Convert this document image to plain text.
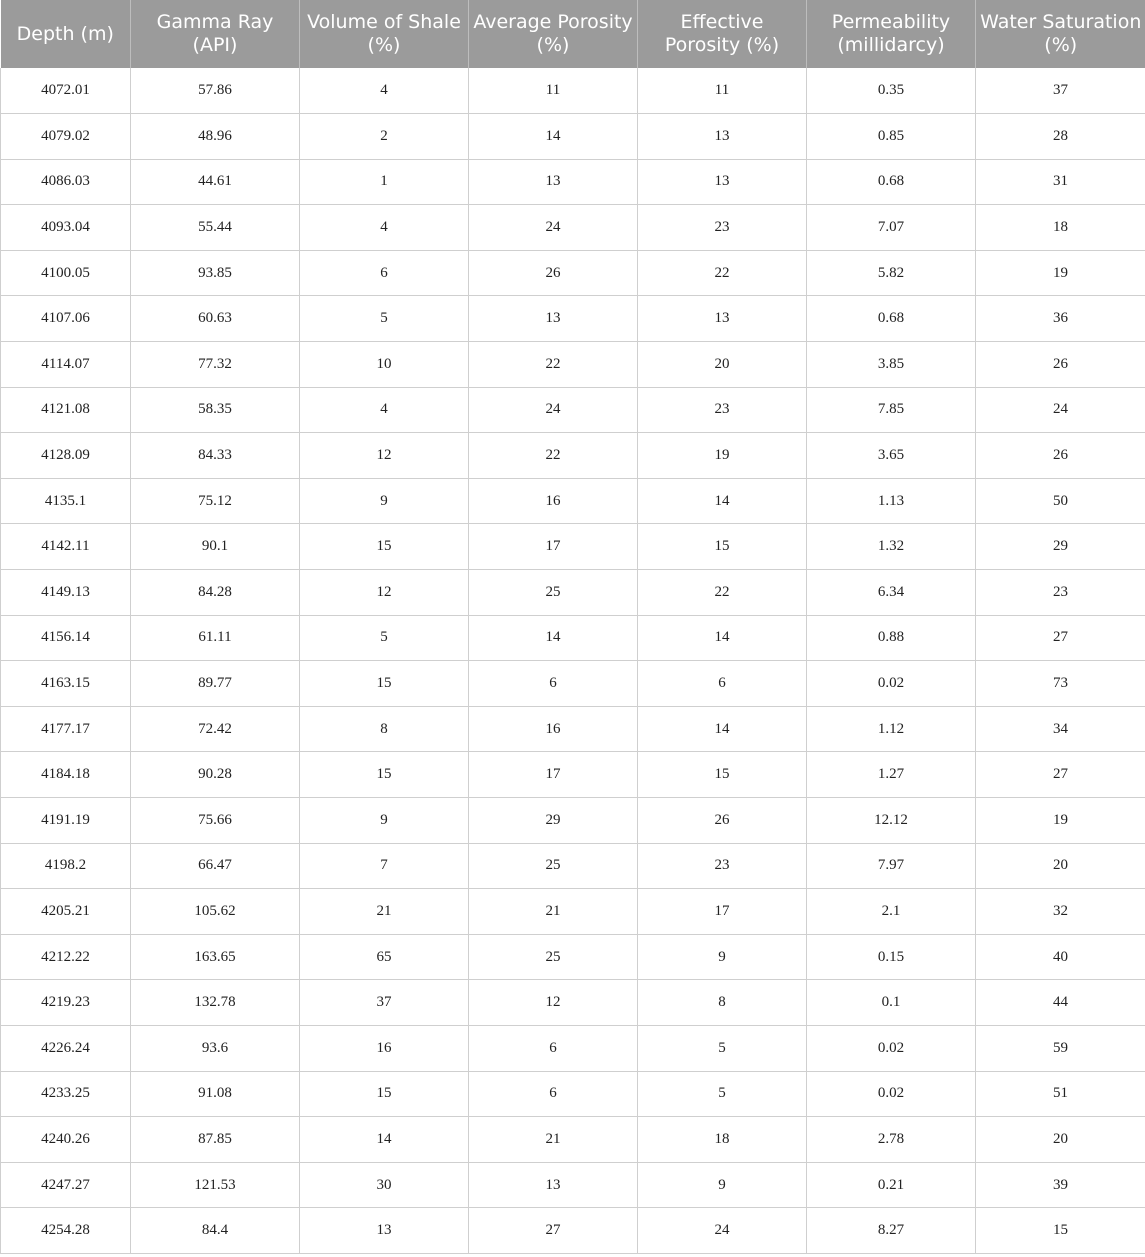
Depth (m)	Gamma Ray (API)	Volume of Shale (%)	Average Porosity (%)	Effective Porosity (%)	Permeability (millidarcy)	Water Saturation (%)
4072.01	57.86	4	11	11	0.35	37
4079.02	48.96	2	14	13	0.85	28
4086.03	44.61	1	13	13	0.68	31
4093.04	55.44	4	24	23	7.07	18
4100.05	93.85	6	26	22	5.82	19
4107.06	60.63	5	13	13	0.68	36
4114.07	77.32	10	22	20	3.85	26
4121.08	58.35	4	24	23	7.85	24
4128.09	84.33	12	22	19	3.65	26
4135.1	75.12	9	16	14	1.13	50
4142.11	90.1	15	17	15	1.32	29
4149.13	84.28	12	25	22	6.34	23
4156.14	61.11	5	14	14	0.88	27
4163.15	89.77	15	6	6	0.02	73
4177.17	72.42	8	16	14	1.12	34
4184.18	90.28	15	17	15	1.27	27
4191.19	75.66	9	29	26	12.12	19
4198.2	66.47	7	25	23	7.97	20
4205.21	105.62	21	21	17	2.1	32
4212.22	163.65	65	25	9	0.15	40
4219.23	132.78	37	12	8	0.1	44
4226.24	93.6	16	6	5	0.02	59
4233.25	91.08	15	6	5	0.02	51
4240.26	87.85	14	21	18	2.78	20
4247.27	121.53	30	13	9	0.21	39
4254.28	84.4	13	27	24	8.27	15
